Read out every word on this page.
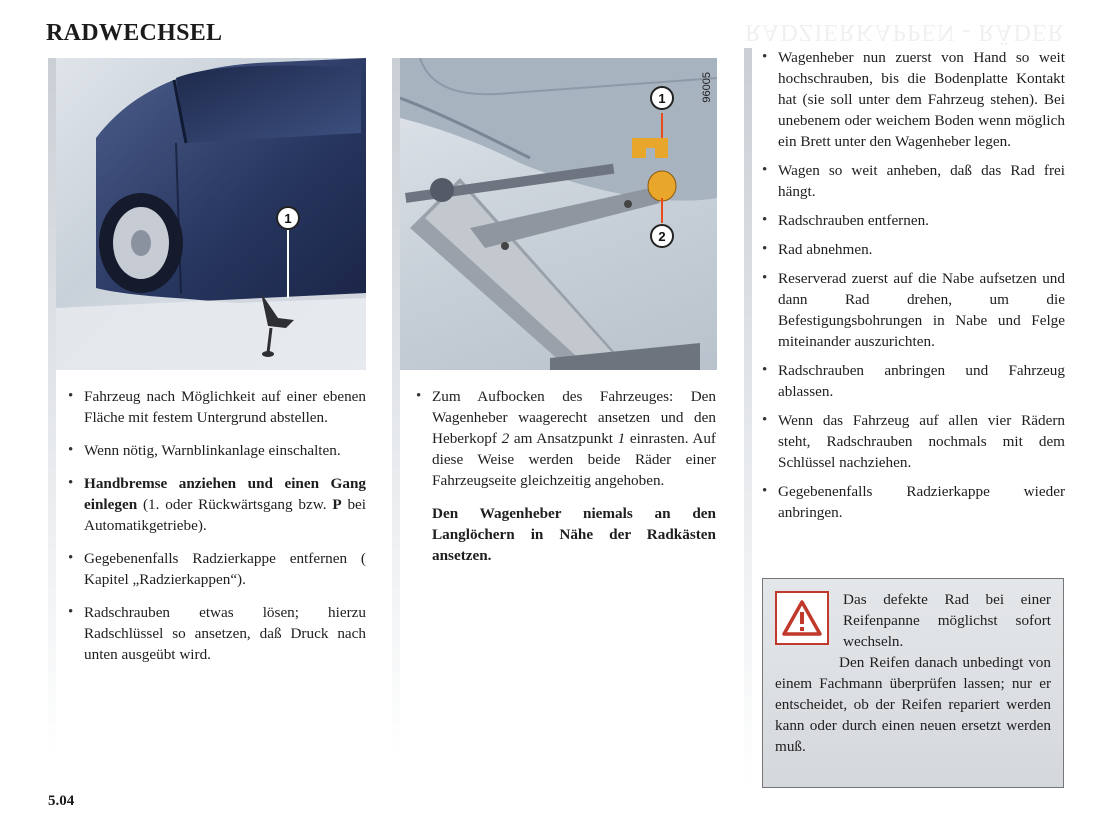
RADWECHSEL	RADZIERKAPPEN - RÄDER
1
1
2
96005
• Fahrzeug nach Möglichkeit auf einer ebenen Fläche mit festem Untergrund abstellen.
• Wenn nötig, Warnblinkanlage einschalten.
• Handbremse anziehen und einen Gang einlegen (1. oder Rückwärtsgang bzw. P bei Automatikgetriebe).
• Gegebenenfalls Radzierkappe entfernen ( Kapitel „Radzierkappen“).
• Radschrauben etwas lösen; hierzu Radschlüssel so ansetzen, daß Druck nach unten ausgeübt wird.
• Zum Aufbocken des Fahrzeuges: Den Wagenheber waagerecht ansetzen und den Heberkopf 2 am Ansatzpunkt 1 einrasten. Auf diese Weise werden beide Räder einer Fahrzeugseite gleichzeitig angehoben.
Den Wagenheber niemals an den Langlöchern in Nähe der Radkästen ansetzen.
• Wagenheber nun zuerst von Hand so weit hochschrauben, bis die Bodenplatte Kontakt hat (sie soll unter dem Fahrzeug stehen). Bei unebenem oder weichem Boden wenn möglich ein Brett unter den Wagenheber legen.
• Wagen so weit anheben, daß das Rad frei hängt.
• Radschrauben entfernen.
• Rad abnehmen.
• Reserverad zuerst auf die Nabe aufsetzen und dann Rad drehen, um die Befestigungsbohrungen in Nabe und Felge miteinander auszurichten.
• Radschrauben anbringen und Fahrzeug ablassen.
• Wenn das Fahrzeug auf allen vier Rädern steht, Radschrauben nochmals mit dem Schlüssel nachziehen.
• Gegebenenfalls Radzierkappe wieder anbringen.
Das defekte Rad bei einer Reifenpanne möglichst sofort wechseln.
Den Reifen danach unbedingt von einem Fachmann überprüfen lassen; nur er entscheidet, ob der Reifen repariert werden kann oder durch einen neuen ersetzt werden muß.
5.04
